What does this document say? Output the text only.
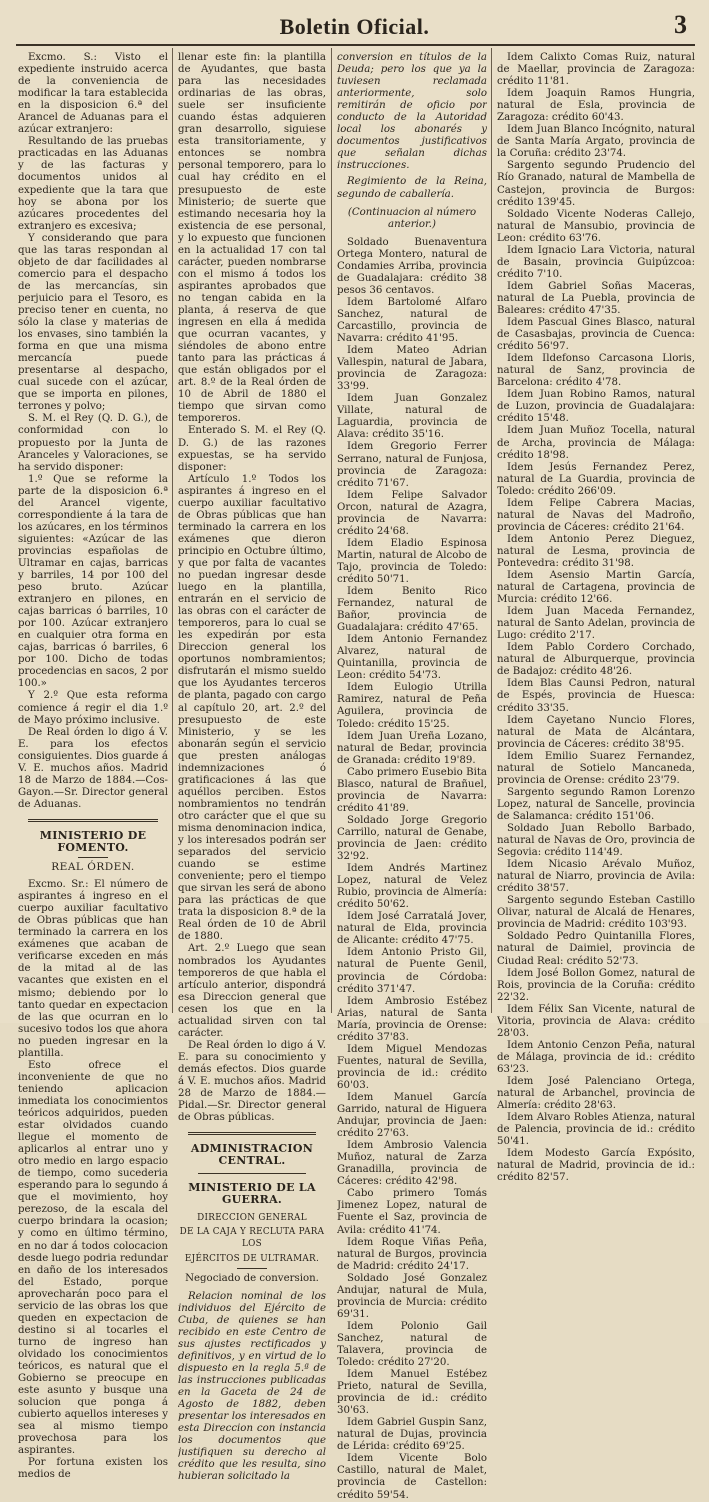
Boletin Oficial.	3

Excmo. S.: Visto el expediente instruido acerca de la conveniencia de modificar la tara establecida en la disposicion 6.ª del Arancel de Aduanas para el azúcar extranjero:

Resultando de las pruebas practicadas en las Aduanas y de las facturas y documentos unidos al expediente que la tara que hoy se abona por los azúcares procedentes del extranjero es excesiva;

Y considerando que para que las taras respondan al objeto de dar facilidades al comercio para el despacho de las mercancías, sin perjuicio para el Tesoro, es preciso tener en cuenta, no sólo la clase y materias de los envases, sino también la forma en que una misma mercancía puede presentarse al despacho, cual sucede con el azúcar, que se importa en pilones, terrones y polvo;

S. M. el Rey (Q. D. G.), de conformidad con lo propuesto por la Junta de Aranceles y Valoraciones, se ha servido disponer:

1.º Que se reforme la parte de la disposicion 6.ª del Arancel vigente, correspondiente á la tara de los azúcares, en los términos siguientes: «Azúcar de las provincias españolas de Ultramar en cajas, barricas y barriles, 14 por 100 del peso bruto. Azúcar extranjero en pilones, en cajas barricas ó barriles, 10 por 100. Azúcar extranjero en cualquier otra forma en cajas, barricas ó barriles, 6 por 100. Dicho de todas procedencias en sacos, 2 por 100.»

Y 2.º Que esta reforma comience á regir el dia 1.º de Mayo próximo inclusive.

De Real órden lo digo á V. E. para los efectos consiguientes. Dios guarde á V. E. muchos años. Madrid 18 de Marzo de 1884.—Cos-Gayon.—Sr. Director general de Aduanas.

MINISTERIO DE FOMENTO.

REAL ÓRDEN.

Excmo. Sr.: El número de aspirantes á ingreso en el cuerpo auxiliar facultativo de Obras públicas que han terminado la carrera en los exámenes que acaban de verificarse exceden en más de la mitad al de las vacantes que existen en el mismo; debiendo por lo tanto quedar en expectacion de las que ocurran en lo sucesivo todos los que ahora no pueden ingresar en la plantilla.

Esto ofrece el inconveniente de que no teniendo aplicacion inmediata los conocimientos teóricos adquiridos, pueden estar olvidados cuando llegue el momento de aplicarlos al entrar uno y otro medio en largo espacio de tiempo, como sucederia esperando para lo segundo á que el movimiento, hoy perezoso, de la escala del cuerpo brindara la ocasion; y como en último término, en no dar á todos colocacion desde luego podria redundar en daño de los interesados del Estado, porque aprovecharán poco para el servicio de las obras los que queden en expectacion de destino si al tocarles el turno de ingreso han olvidado los conocimientos teóricos, es natural que el Gobierno se preocupe en este asunto y busque una solucion que ponga á cubierto aquellos intereses y sea al mismo tiempo provechosa para los aspirantes.

Por fortuna existen los medios de

llenar este fin: la plantilla de Ayudantes, que basta para las necesidades ordinarias de las obras, suele ser insuficiente cuando éstas adquieren gran desarrollo, siguiese esta transitoriamente, y entonces se nombra personal temporero, para lo cual hay crédito en el presupuesto de este Ministerio; de suerte que estimando necesaria hoy la existencia de ese personal, y lo expuesto que funcionen en la actualidad 17 con tal carácter, pueden nombrarse con el mismo á todos los aspirantes aprobados que no tengan cabida en la planta, á reserva de que ingresen en ella á medida que ocurran vacantes, y siéndoles de abono entre tanto para las prácticas á que están obligados por el art. 8.º de la Real órden de 10 de Abril de 1880 el tiempo que sirvan como temporeros.

Enterado S. M. el Rey (Q. D. G.) de las razones expuestas, se ha servido disponer:

Artículo 1.º Todos los aspirantes á ingreso en el cuerpo auxiliar facultativo de Obras públicas que han terminado la carrera en los exámenes que dieron principio en Octubre último, y que por falta de vacantes no puedan ingresar desde luego en la plantilla, entrarán en el servicio de las obras con el carácter de temporeros, para lo cual se les expedirán por esta Direccion general los oportunos nombramientos; disfrutarán el mismo sueldo que los Ayudantes terceros de planta, pagado con cargo al capítulo 20, art. 2.º del presupuesto de este Ministerio, y se les abonarán según el servicio que presten análogas indemnizaciones ó gratificaciones á las que aquéllos perciben. Estos nombramientos no tendrán otro carácter que el que su misma denominacion indica, y los interesados podrán ser separados del servicio cuando se estime conveniente; pero el tiempo que sirvan les será de abono para las prácticas de que trata la disposicion 8.ª de la Real órden de 10 de Abril de 1880.

Art. 2.º Luego que sean nombrados los Ayudantes temporeros de que habla el artículo anterior, dispondrá esa Direccion general que cesen los que en la actualidad sirven con tal carácter.

De Real órden lo digo á V. E. para su conocimiento y demás efectos. Dios guarde á V. E. muchos años. Madrid 28 de Marzo de 1884.—Pidal.—Sr. Director general de Obras públicas.

ADMINISTRACION CENTRAL.

MINISTERIO DE LA GUERRA.

DIRECCION GENERAL

DE LA CAJA Y RECLUTA PARA LOS

EJÉRCITOS DE ULTRAMAR.

Negociado de conversion.

Relacion nominal de los individuos del Ejército de Cuba, de quienes se han recibido en este Centro de sus ajustes rectificados y definitivos, y en virtud de lo dispuesto en la regla 5.ª de las instrucciones publicadas en la Gaceta de 24 de Agosto de 1882, deben presentar los interesados en esta Direccion con instancia los documentos que justifiquen su derecho al crédito que les resulta, sino hubieran solicitado la

conversion en títulos de la Deuda; pero los que ya la tuviesen reclamada anteriormente, solo remitirán de oficio por conducto de la Autoridad local los abonarés y documentos justificativos que señalan dichas instrucciones.

Regimiento de la Reina, segundo de caballería.

(Continuacion al número anterior.)

Soldado Buenaventura Ortega Montero, natural de Condamies Arriba, provincia de Guadalajara: crédito 38 pesos 36 centavos.

Idem Bartolomé Alfaro Sanchez, natural de Carcastillo, provincia de Navarra: crédito 41'95.

Idem Mateo Adrian Vallespin, natural de Jabara, provincia de Zaragoza: 33'99.

Idem Juan Gonzalez Villate, natural de Laguardia, provincia de Alava: crédito 35'16.

Idem Gregorio Ferrer Serrano, natural de Funjosa, provincia de Zaragoza: crédito 71'67.

Idem Felipe Salvador Orcon, natural de Azagra, provincia de Navarra: crédito 24'68.

Idem Eladio Espinosa Martin, natural de Alcobo de Tajo, provincia de Toledo: crédito 50'71.

Idem Benito Rico Fernandez, natural de Bañor, provincia de Guadalajara: crédito 47'65.

Idem Antonio Fernandez Alvarez, natural de Quintanilla, provincia de Leon: crédito 54'73.

Idem Eulogio Utrilla Ramirez, natural de Peña Aguilera, provincia de Toledo: crédito 15'25.

Idem Juan Ureña Lozano, natural de Bedar, provincia de Granada: crédito 19'89.

Cabo primero Eusebio Bita Blasco, natural de Brañuel, provincia de Navarra: crédito 41'89.

Soldado Jorge Gregorio Carrillo, natural de Genabe, provincia de Jaen: crédito 32'92.

Idem Andrés Martinez Lopez, natural de Velez Rubio, provincia de Almería: crédito 50'62.

Idem José Carratalá Jover, natural de Elda, provincia de Alicante: crédito 47'75.

Idem Antonio Pristo Gil, natural de Puente Genil, provincia de Córdoba: crédito 371'47.

Idem Ambrosio Estébez Arias, natural de Santa María, provincia de Orense: crédito 37'83.

Idem Miguel Mendozas Fuentes, natural de Sevilla, provincia de id.: crédito 60'03.

Idem Manuel García Garrido, natural de Higuera Andujar, provincia de Jaen: crédito 27'63.

Idem Ambrosio Valencia Muñoz, natural de Zarza Granadilla, provincia de Cáceres: crédito 42'98.

Cabo primero Tomás Jimenez Lopez, natural de Fuente el Saz, provincia de Avila: crédito 41'74.

Idem Roque Viñas Peña, natural de Burgos, provincia de Madrid: crédito 24'17.

Soldado José Gonzalez Andujar, natural de Mula, provincia de Murcia: crédito 69'31.

Idem Polonio Gail Sanchez, natural de Talavera, provincia de Toledo: crédito 27'20.

Idem Manuel Estébez Prieto, natural de Sevilla, provincia de id.: crédito 30'63.

Idem Gabriel Guspin Sanz, natural de Dujas, provincia de Lérida: crédito 69'25.

Idem Vicente Bolo Castillo, natural de Malet, provincia de Castellon: crédito 59'54.

Idem Calixto Comas Ruiz, natural de Maellar, provincia de Zaragoza: crédito 11'81.

Idem Joaquin Ramos Hungria, natural de Esla, provincia de Zaragoza: crédito 60'43.

Idem Juan Blanco Incógnito, natural de Santa María Argato, provincia de la Coruña: crédito 23'74.

Sargento segundo Prudencio del Río Granado, natural de Mambella de Castejon, provincia de Burgos: crédito 139'45.

Soldado Vicente Noderas Callejo, natural de Mansubio, provincia de Leon: crédito 63'76.

Idem Ignacio Lara Victoria, natural de Basain, provincia Guipúzcoa: crédito 7'10.

Idem Gabriel Soñas Maceras, natural de La Puebla, provincia de Baleares: crédito 47'35.

Idem Pascual Gines Blasco, natural de Casasbajas, provincia de Cuenca: crédito 56'97.

Idem Ildefonso Carcasona Lloris, natural de Sanz, provincia de Barcelona: crédito 4'78.

Idem Juan Robino Ramos, natural de Luzon, provincia de Guadalajara: crédito 15'48.

Idem Juan Muñoz Tocella, natural de Archa, provincia de Málaga: crédito 18'98.

Idem Jesús Fernandez Perez, natural de La Guardia, provincia de Toledo: crédito 266'09.

Idem Felipe Cabrera Macias, natural de Navas del Madroño, provincia de Cáceres: crédito 21'64.

Idem Antonio Perez Dieguez, natural de Lesma, provincia de Pontevedra: crédito 31'98.

Idem Asensio Martin García, natural de Cartagena, provincia de Murcia: crédito 12'66.

Idem Juan Maceda Fernandez, natural de Santo Adelan, provincia de Lugo: crédito 2'17.

Idem Pablo Cordero Corchado, natural de Alburquerque, provincia de Badajoz: crédito 48'26.

Idem Blas Caunsi Pedron, natural de Espés, provincia de Huesca: crédito 33'35.

Idem Cayetano Nuncio Flores, natural de Mata de Alcántara, provincia de Cáceres: crédito 38'95.

Idem Emilio Suarez Fernandez, natural de Sotielo Mancaneda, provincia de Orense: crédito 23'79.

Sargento segundo Ramon Lorenzo Lopez, natural de Sancelle, provincia de Salamanca: crédito 151'06.

Soldado Juan Rebollo Barbado, natural de Navas de Oro, provincia de Segovia: crédito 114'49.

Idem Nicasio Arévalo Muñoz, natural de Niarro, provincia de Avila: crédito 38'57.

Sargento segundo Esteban Castillo Olivar, natural de Alcalá de Henares, provincia de Madrid: crédito 103'93.

Soldado Pedro Quintanilla Flores, natural de Daimiel, provincia de Ciudad Real: crédito 52'73.

Idem José Bollon Gomez, natural de Rois, provincia de la Coruña: crédito 22'32.

Idem Félix San Vicente, natural de Vitoria, provincia de Alava: crédito 28'03.

Idem Antonio Cenzon Peña, natural de Málaga, provincia de id.: crédito 63'23.

Idem José Palenciano Ortega, natural de Arbanchel, provincia de Almería: crédito 28'63.

Idem Alvaro Robles Atienza, natural de Palencia, provincia de id.: crédito 50'41.

Idem Modesto García Expósito, natural de Madrid, provincia de id.: crédito 82'57.
